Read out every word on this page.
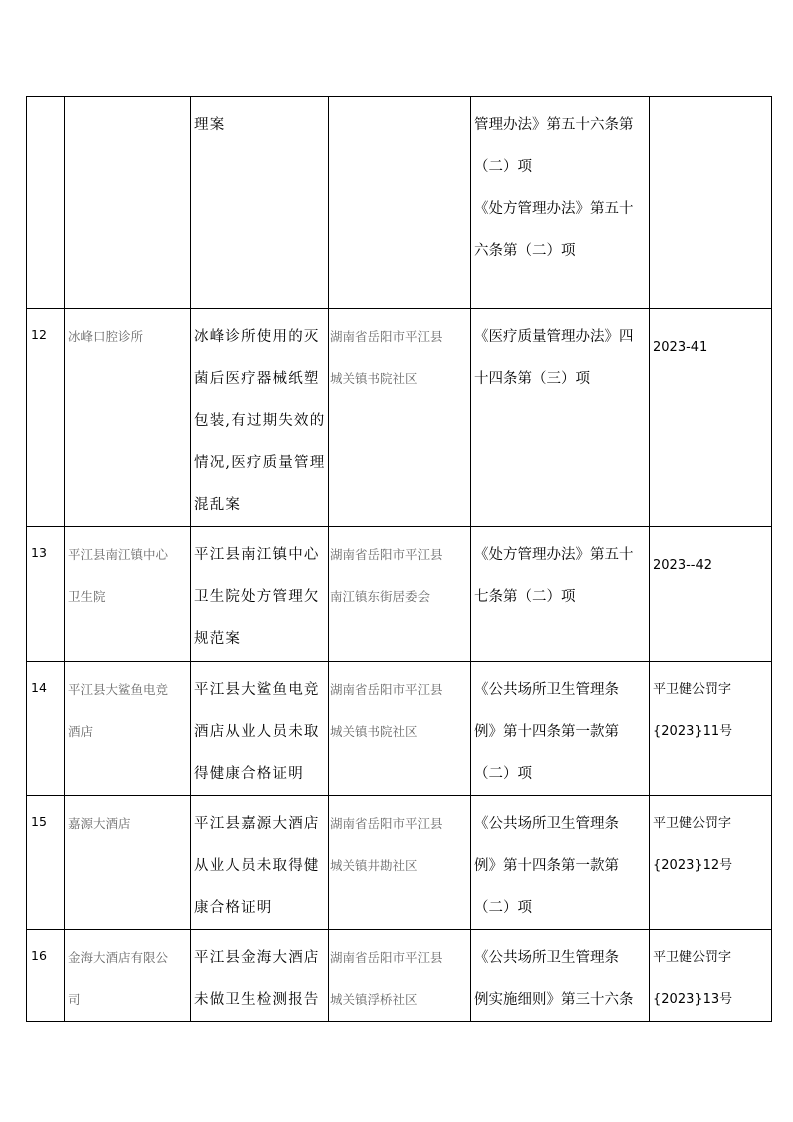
		理案		管理办法》第五十六条第
（二）项
《处方管理办法》第五十
六条第（二）项	

12	冰峰口腔诊所	冰峰诊所使用的灭
菌后医疗器械纸塑
包装,有过期失效的
情况,医疗质量管理
混乱案	湖南省岳阳市平江县
城关镇书院社区	《医疗质量管理办法》四
十四条第（三）项	2023-41

13	平江县南江镇中心
卫生院	平江县南江镇中心
卫生院处方管理欠
规范案	湖南省岳阳市平江县
南江镇东街居委会	《处方管理办法》第五十
七条第（二）项	2023--42

14	平江县大鲨鱼电竞
酒店	平江县大鲨鱼电竞
酒店从业人员未取
得健康合格证明	湖南省岳阳市平江县
城关镇书院社区	《公共场所卫生管理条
例》第十四条第一款第
（二）项	平卫健公罚字
{2023}11号

15	嘉源大酒店	平江县嘉源大酒店
从业人员未取得健
康合格证明	湖南省岳阳市平江县
城关镇井勘社区	《公共场所卫生管理条
例》第十四条第一款第
（二）项	平卫健公罚字
{2023}12号

16	金海大酒店有限公
司	平江县金海大酒店
未做卫生检测报告	湖南省岳阳市平江县
城关镇浮桥社区	《公共场所卫生管理条
例实施细则》第三十六条	平卫健公罚字
{2023}13号
